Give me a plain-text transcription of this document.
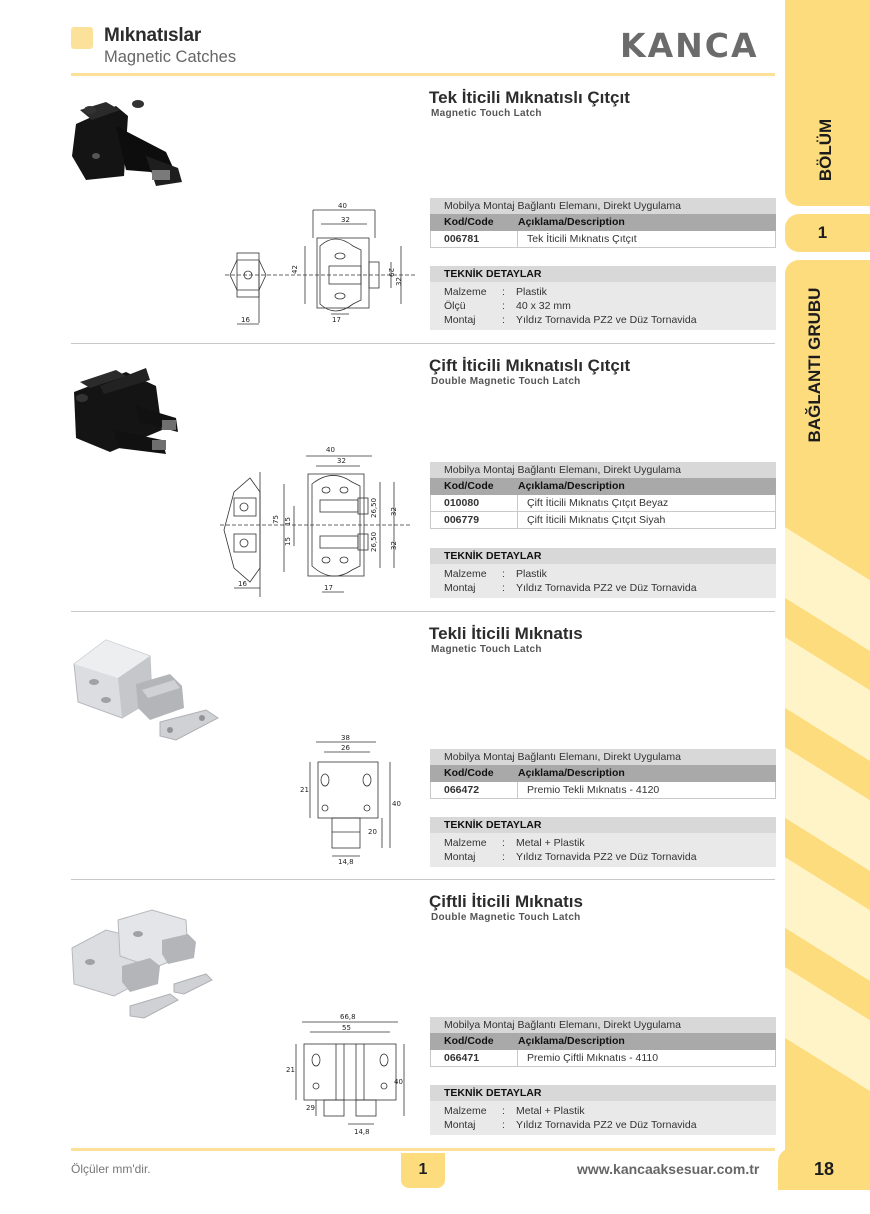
Mıknatıslar
Magnetic Catches	KANCA
BÖLÜM
1
BAĞLANTI GRUBU
40
32
42	29
32
16	17
Tek İticili Mıknatıslı Çıtçıt
Magnetic Touch Latch
Mobilya Montaj Bağlantı Elemanı, Direkt Uygulama
Kod/Code	Açıklama/Description
006781	Tek İticili Mıknatıs Çıtçıt
TEKNİK DETAYLAR
Malzeme	:	Plastik
Ölçü	:	40 x 32 mm
Montaj	:	Yıldız Tornavida PZ2 ve Düz Tornavida
40
32
75 15
15
26,50
26,50
32
32
16	17
Çift İticili Mıknatıslı Çıtçıt
Double Magnetic Touch Latch
Mobilya Montaj Bağlantı Elemanı, Direkt Uygulama
Kod/Code	Açıklama/Description
010080	Çift İticili Mıknatıs Çıtçıt Beyaz
006779	Çift İticili Mıknatıs Çıtçıt Siyah
TEKNİK DETAYLAR
Malzeme	:	Plastik
Montaj	:	Yıldız Tornavida PZ2 ve Düz Tornavida
38
26
21
40
20
14,8
Tekli İticili Mıknatıs
Magnetic Touch Latch
Mobilya Montaj Bağlantı Elemanı, Direkt Uygulama
Kod/Code	Açıklama/Description
066472	Premio Tekli Mıknatıs - 4120
TEKNİK DETAYLAR
Malzeme	:	Metal + Plastik
Montaj	:	Yıldız Tornavida PZ2 ve Düz Tornavida
66,8
55
21
40
29
14,8
Çiftli İticili Mıknatıs
Double Magnetic Touch Latch
Mobilya Montaj Bağlantı Elemanı, Direkt Uygulama
Kod/Code	Açıklama/Description
066471	Premio Çiftli Mıknatıs - 4110
TEKNİK DETAYLAR
Malzeme	:	Metal + Plastik
Montaj	:	Yıldız Tornavida PZ2 ve Düz Tornavida
Ölçüler mm'dir.	1	www.kancaaksesuar.com.tr	18
